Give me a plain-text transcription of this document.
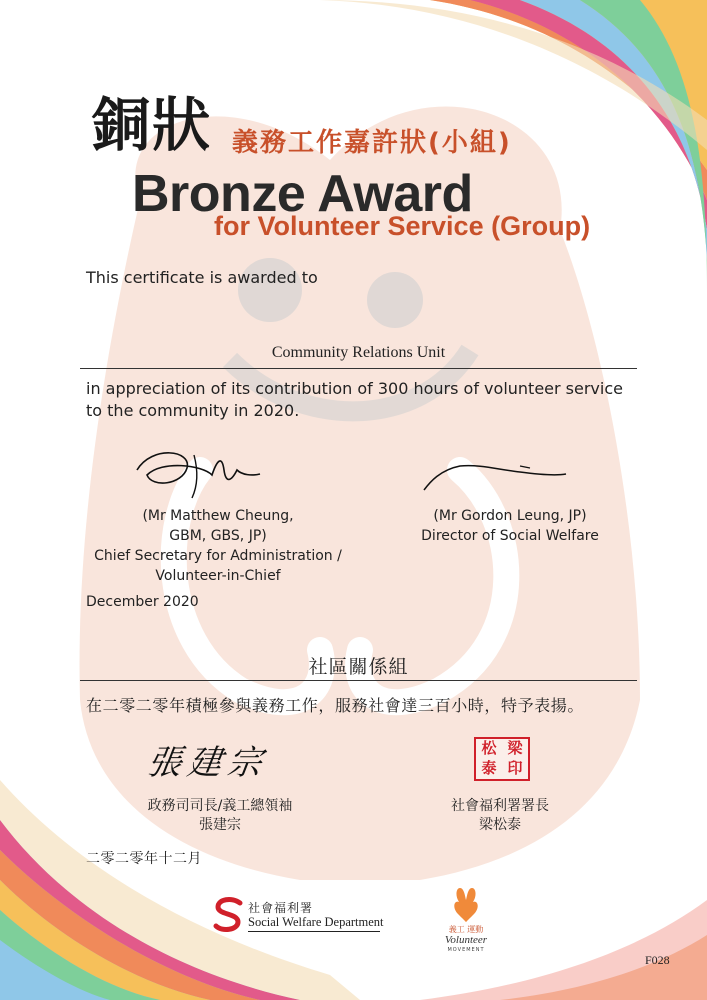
銅狀 義務工作嘉許狀(小組)
Bronze Award
for Volunteer Service (Group)
This certificate is awarded to
Community Relations Unit
in appreciation of its contribution of 300 hours of volunteer service to the community in 2020.
(Mr Matthew Cheung,
GBM, GBS, JP)
Chief Secretary for Administration /
Volunteer-in-Chief
(Mr Gordon Leung, JP)
Director of Social Welfare
December 2020
社區關係組
在二零二零年積極參與義務工作，服務社會達三百小時，特予表揚。
張建宗	松 梁
泰 印
政務司司長/義工總領袖
張建宗
社會福利署署長
梁松泰
二零二零年十二月
社會福利署
Social Welfare Department
義工 運動
Volunteer
MOVEMENT
F028
